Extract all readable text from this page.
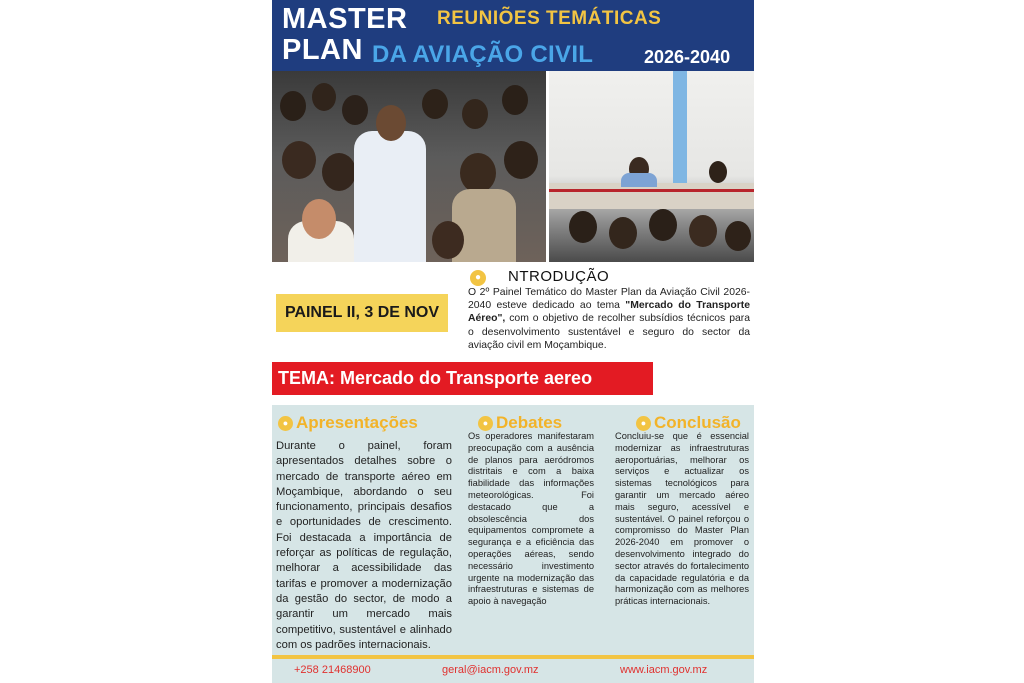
MASTER
PLAN
REUNIÕES TEMÁTICAS
DA AVIAÇÃO CIVIL	2026-2040
●	NTRODUÇÃO
O 2º Painel Temático do Master Plan da Aviação Civil 2026-2040 esteve dedicado ao tema "Mercado do Transporte Aéreo", com o objetivo de recolher subsídios técnicos para o desenvolvimento sustentável e seguro do sector da aviação civil em Moçambique.
PAINEL II, 3 DE NOV
TEMA: Mercado do Transporte aereo
● Apresentações
Durante o painel, foram apresentados detalhes sobre o mercado de transporte aéreo em Moçambique, abordando o seu funcionamento, principais desafios e oportunidades de crescimento. Foi destacada a importância de reforçar as políticas de regulação, melhorar a acessibilidade das tarifas e promover a modernização da gestão do sector, de modo a garantir um mercado mais competitivo, sustentável e alinhado com os padrões internacionais.
● Debates
Os operadores manifestaram preocupação com a ausência de planos para aeródromos distritais e com a baixa fiabilidade das informações meteorológicas. Foi destacado que a obsolescência dos equipamentos compromete a segurança e a eficiência das operações aéreas, sendo necessário investimento urgente na modernização das infraestruturas e sistemas de apoio à navegação
● Conclusão
Concluiu-se que é essencial modernizar as infraestruturas aeroportuárias, melhorar os serviços e actualizar os sistemas tecnológicos para garantir um mercado aéreo mais seguro, acessível e sustentável. O painel reforçou o compromisso do Master Plan 2026-2040 em promover o desenvolvimento integrado do sector através do fortalecimento da capacidade regulatória e da harmonização com as melhores práticas internacionais.
+258 21468900	geral@iacm.gov.mz	www.iacm.gov.mz
